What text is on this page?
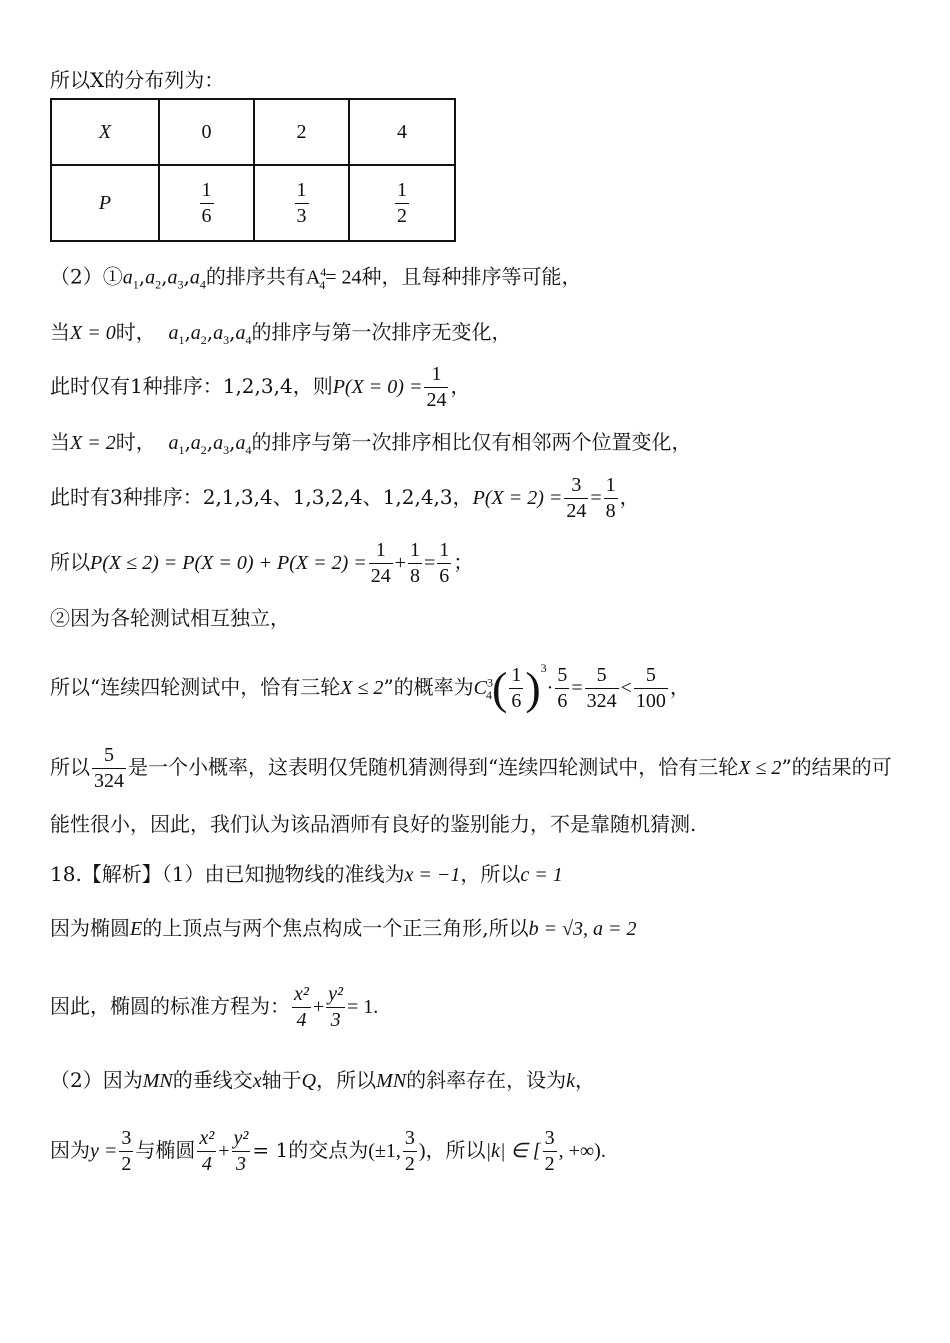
所以X的分布列为：
X	0	2	4
P	$\frac{1}{6}$	$\frac{1}{3}$	$\frac{1}{2}$
$(2)①a_1,a_2,a_3,a_4$的排序共有$A^4_4= 24$种，且每种排序等可能，
当X = 0时， $a_1,a_2,a_3,a_4$的排序与第一次排序无变化，
此时仅有1种排序：1,2,3,4，则$P(X = 0) = \frac{1}{24}$ ，
当X = 2时， $a_1,a_2,a_3,a_4$的排序与第一次排序相比仅有相邻两个位置变化，
此时有3种排序：2,1,3,4、1,3,2,4、1,2,4,3，$P(X = 2) = \frac{3}{24} = \frac{1}{8}$ ，
所以$P(X \le 2) = P(X = 0) + P(X = 2) = \frac{1}{24} + \frac{1}{8} = \frac{1}{6}$ ；
②因为各轮测试相互独立，
所以“连续四轮测试中，恰有三轮X ≤ 2”的概率为$C^3_4( \frac{1}{6} )^3\cdot \frac{5}{6} = \frac{5}{324} < \frac{5}{100}$ ，
所以 $\frac{5}{324}$ 是一个小概率，这表明仅凭随机猜测得到“连续四轮测试中，恰有三轮X ≤ 2”的结果的可
能性很小，因此，我们认为该品酒师有良好的鉴别能力，不是靠随机猜测.
18.【解析】（1）由已知抛物线的准线为x = −1，所以c = 1
因为椭圆E的上顶点与两个焦点构成一个正三角形,所以b = √3, a = 2
因此，椭圆的标准方程为： $\frac{\text{x²}}{4} + \frac{\text{y²}}{3} = 1$.
（2）因为MN的垂线交x轴于Q，所以MN的斜率存在，设为k，
因为$y = \frac{3}{2}$ 与椭圆 $\frac{\text{x²}}{4} + \frac{\text{y²}}{3} = 1$的交点为(±1, $\frac{3}{2}$ )，所以|k| ∈ [ $\frac{3}{2}$ , +∞).
